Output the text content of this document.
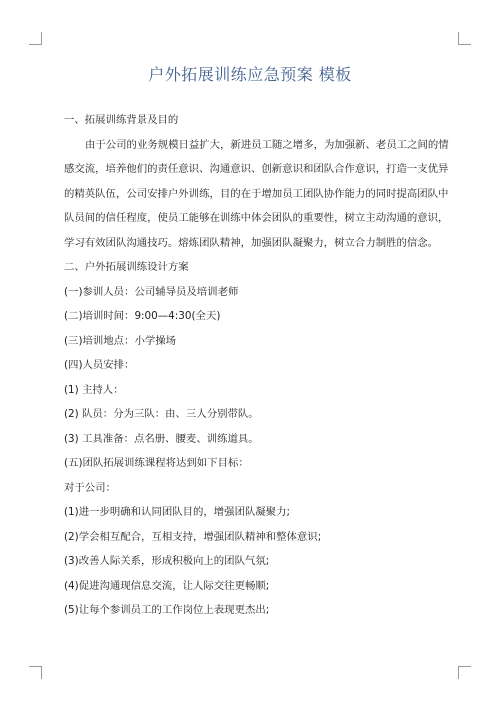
户外拓展训练应急预案 模板
一、拓展训练背景及目的
由于公司的业务规模日益扩大，新进员工随之增多，为加强新、老员工之间的情
感交流，培养他们的责任意识、沟通意识、创新意识和团队合作意识，打造一支优异
的精英队伍，公司安排户外训练，目的在于增加员工团队协作能力的同时提高团队中
队员间的信任程度，使员工能够在训练中体会团队的重要性，树立主动沟通的意识，
学习有效团队沟通技巧。熔炼团队精神，加强团队凝聚力，树立合力制胜的信念。
二、户外拓展训练设计方案
(一)参训人员：公司辅导员及培训老师
(二)培训时间：9:00—4:30(全天)
(三)培训地点：小学操场
(四)人员安排：
(1) 主持人：
(2) 队员：分为三队：由、三人分别带队。
(3) 工具准备：点名册、腰麦、训练道具。
(五)团队拓展训练课程将达到如下目标：
对于公司：
(1)进一步明确和认同团队目的，增强团队凝聚力;
(2)学会相互配合，互相支持，增强团队精神和整体意识;
(3)改善人际关系，形成积极向上的团队气氛;
(4)促进沟通现信息交流，让人际交往更畅顺;
(5)让每个参训员工的工作岗位上表现更杰出;
